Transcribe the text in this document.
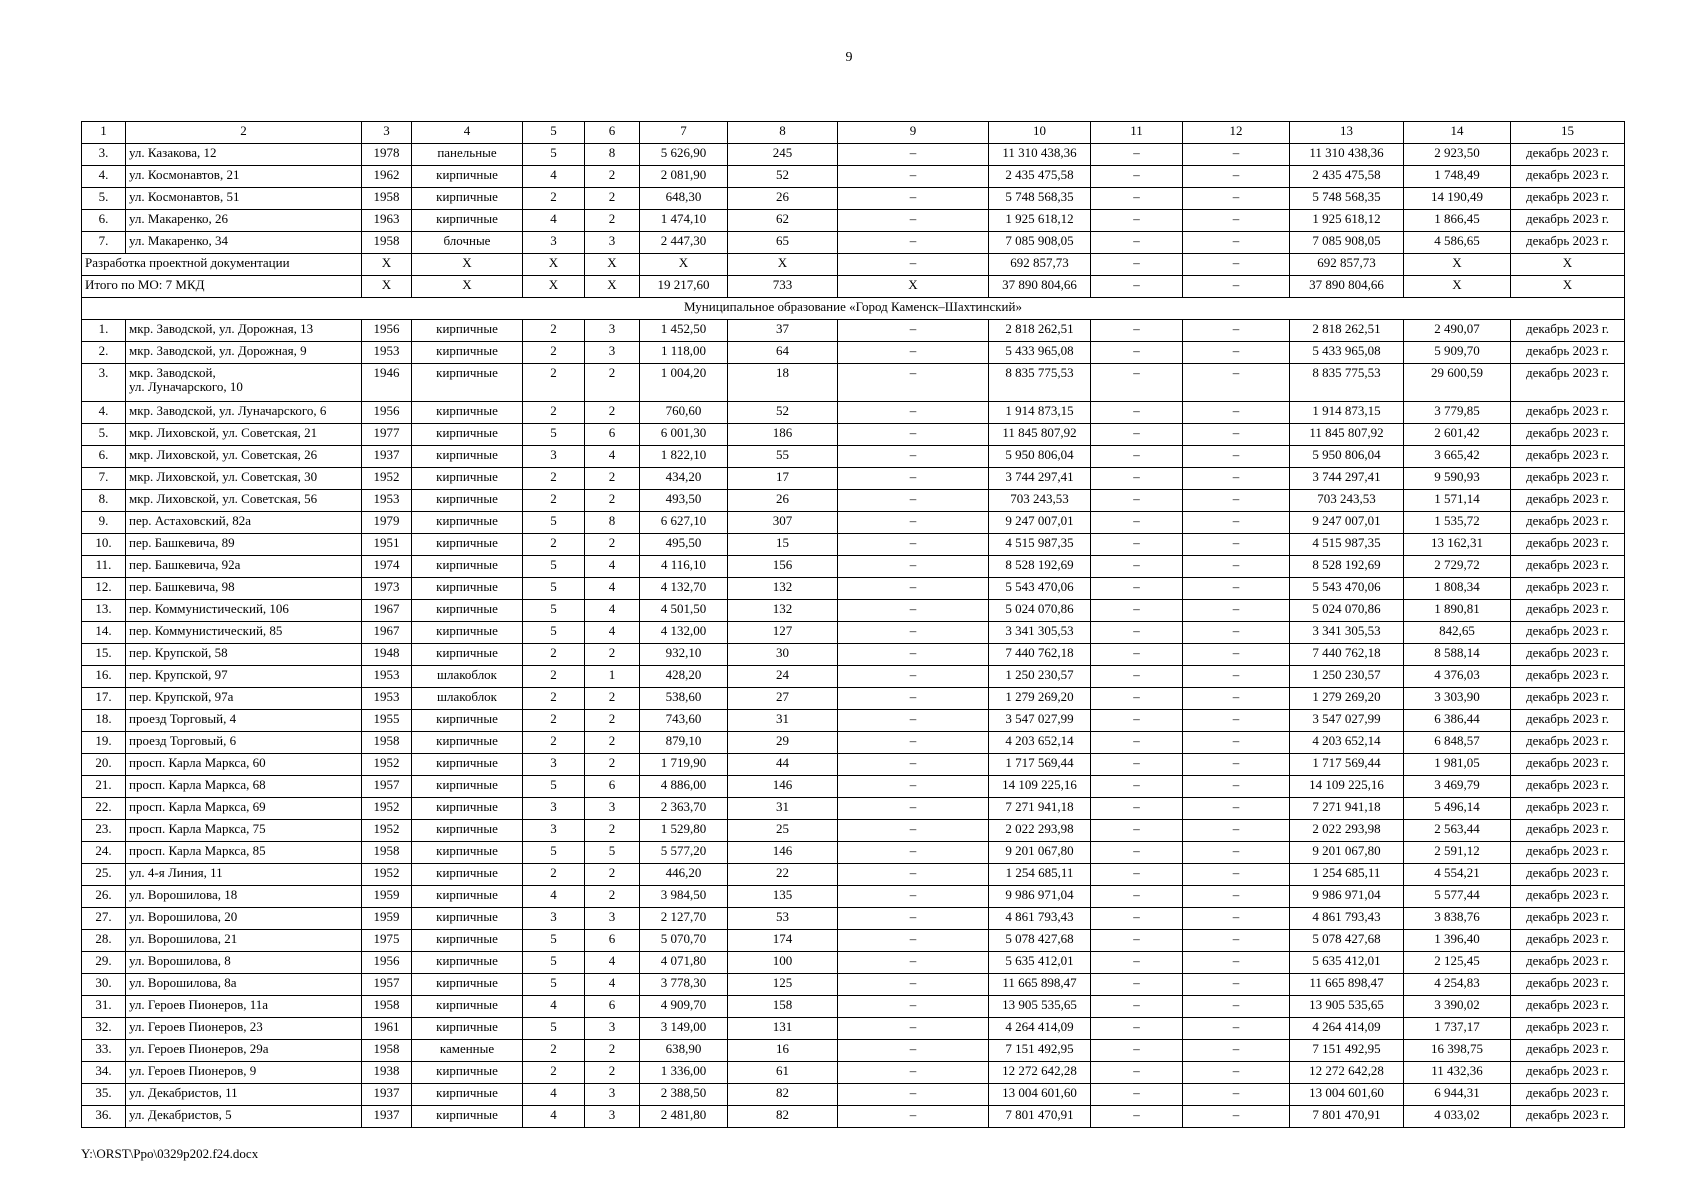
9
1	2	3	4	5	6	7	8	9	10	11	12	13	14	15
3.	ул. Казакова, 12	1978	панельные	5	8	5 626,90	245	–	11 310 438,36	–	–	11 310 438,36	2 923,50	декабрь 2023 г.
4.	ул. Космонавтов, 21	1962	кирпичные	4	2	2 081,90	52	–	2 435 475,58	–	–	2 435 475,58	1 748,49	декабрь 2023 г.
5.	ул. Космонавтов, 51	1958	кирпичные	2	2	648,30	26	–	5 748 568,35	–	–	5 748 568,35	14 190,49	декабрь 2023 г.
6.	ул. Макаренко, 26	1963	кирпичные	4	2	1 474,10	62	–	1 925 618,12	–	–	1 925 618,12	1 866,45	декабрь 2023 г.
7.	ул. Макаренко, 34	1958	блочные	3	3	2 447,30	65	–	7 085 908,05	–	–	7 085 908,05	4 586,65	декабрь 2023 г.
Разработка проектной документации		X	X	X	X	X	X	–	692 857,73	–	–	692 857,73	X	X
Итого по МО: 7 МКД		X	X	X	X	19 217,60	733	X	37 890 804,66	–	–	37 890 804,66	X	X
Муниципальное образование «Город Каменск–Шахтинский»														
1.	мкр. Заводской, ул. Дорожная, 13	1956	кирпичные	2	3	1 452,50	37	–	2 818 262,51	–	–	2 818 262,51	2 490,07	декабрь 2023 г.
2.	мкр. Заводской, ул. Дорожная, 9	1953	кирпичные	2	3	1 118,00	64	–	5 433 965,08	–	–	5 433 965,08	5 909,70	декабрь 2023 г.
3.	мкр. Заводской,
ул. Луначарского, 10	1946	кирпичные	2	2	1 004,20	18	–	8 835 775,53	–	–	8 835 775,53	29 600,59	декабрь 2023 г.
4.	мкр. Заводской, ул. Луначарского, 6	1956	кирпичные	2	2	760,60	52	–	1 914 873,15	–	–	1 914 873,15	3 779,85	декабрь 2023 г.
5.	мкр. Лиховской, ул. Советская, 21	1977	кирпичные	5	6	6 001,30	186	–	11 845 807,92	–	–	11 845 807,92	2 601,42	декабрь 2023 г.
6.	мкр. Лиховской, ул. Советская, 26	1937	кирпичные	3	4	1 822,10	55	–	5 950 806,04	–	–	5 950 806,04	3 665,42	декабрь 2023 г.
7.	мкр. Лиховской, ул. Советская, 30	1952	кирпичные	2	2	434,20	17	–	3 744 297,41	–	–	3 744 297,41	9 590,93	декабрь 2023 г.
8.	мкр. Лиховской, ул. Советская, 56	1953	кирпичные	2	2	493,50	26	–	703 243,53	–	–	703 243,53	1 571,14	декабрь 2023 г.
9.	пер. Астаховский, 82а	1979	кирпичные	5	8	6 627,10	307	–	9 247 007,01	–	–	9 247 007,01	1 535,72	декабрь 2023 г.
10.	пер. Башкевича, 89	1951	кирпичные	2	2	495,50	15	–	4 515 987,35	–	–	4 515 987,35	13 162,31	декабрь 2023 г.
11.	пер. Башкевича, 92а	1974	кирпичные	5	4	4 116,10	156	–	8 528 192,69	–	–	8 528 192,69	2 729,72	декабрь 2023 г.
12.	пер. Башкевича, 98	1973	кирпичные	5	4	4 132,70	132	–	5 543 470,06	–	–	5 543 470,06	1 808,34	декабрь 2023 г.
13.	пер. Коммунистический, 106	1967	кирпичные	5	4	4 501,50	132	–	5 024 070,86	–	–	5 024 070,86	1 890,81	декабрь 2023 г.
14.	пер. Коммунистический, 85	1967	кирпичные	5	4	4 132,00	127	–	3 341 305,53	–	–	3 341 305,53	842,65	декабрь 2023 г.
15.	пер. Крупской, 58	1948	кирпичные	2	2	932,10	30	–	7 440 762,18	–	–	7 440 762,18	8 588,14	декабрь 2023 г.
16.	пер. Крупской, 97	1953	шлакоблок	2	1	428,20	24	–	1 250 230,57	–	–	1 250 230,57	4 376,03	декабрь 2023 г.
17.	пер. Крупской, 97а	1953	шлакоблок	2	2	538,60	27	–	1 279 269,20	–	–	1 279 269,20	3 303,90	декабрь 2023 г.
18.	проезд Торговый, 4	1955	кирпичные	2	2	743,60	31	–	3 547 027,99	–	–	3 547 027,99	6 386,44	декабрь 2023 г.
19.	проезд Торговый, 6	1958	кирпичные	2	2	879,10	29	–	4 203 652,14	–	–	4 203 652,14	6 848,57	декабрь 2023 г.
20.	просп. Карла Маркса, 60	1952	кирпичные	3	2	1 719,90	44	–	1 717 569,44	–	–	1 717 569,44	1 981,05	декабрь 2023 г.
21.	просп. Карла Маркса, 68	1957	кирпичные	5	6	4 886,00	146	–	14 109 225,16	–	–	14 109 225,16	3 469,79	декабрь 2023 г.
22.	просп. Карла Маркса, 69	1952	кирпичные	3	3	2 363,70	31	–	7 271 941,18	–	–	7 271 941,18	5 496,14	декабрь 2023 г.
23.	просп. Карла Маркса, 75	1952	кирпичные	3	2	1 529,80	25	–	2 022 293,98	–	–	2 022 293,98	2 563,44	декабрь 2023 г.
24.	просп. Карла Маркса, 85	1958	кирпичные	5	5	5 577,20	146	–	9 201 067,80	–	–	9 201 067,80	2 591,12	декабрь 2023 г.
25.	ул. 4-я Линия, 11	1952	кирпичные	2	2	446,20	22	–	1 254 685,11	–	–	1 254 685,11	4 554,21	декабрь 2023 г.
26.	ул. Ворошилова, 18	1959	кирпичные	4	2	3 984,50	135	–	9 986 971,04	–	–	9 986 971,04	5 577,44	декабрь 2023 г.
27.	ул. Ворошилова, 20	1959	кирпичные	3	3	2 127,70	53	–	4 861 793,43	–	–	4 861 793,43	3 838,76	декабрь 2023 г.
28.	ул. Ворошилова, 21	1975	кирпичные	5	6	5 070,70	174	–	5 078 427,68	–	–	5 078 427,68	1 396,40	декабрь 2023 г.
29.	ул. Ворошилова, 8	1956	кирпичные	5	4	4 071,80	100	–	5 635 412,01	–	–	5 635 412,01	2 125,45	декабрь 2023 г.
30.	ул. Ворошилова, 8а	1957	кирпичные	5	4	3 778,30	125	–	11 665 898,47	–	–	11 665 898,47	4 254,83	декабрь 2023 г.
31.	ул. Героев Пионеров, 11а	1958	кирпичные	4	6	4 909,70	158	–	13 905 535,65	–	–	13 905 535,65	3 390,02	декабрь 2023 г.
32.	ул. Героев Пионеров, 23	1961	кирпичные	5	3	3 149,00	131	–	4 264 414,09	–	–	4 264 414,09	1 737,17	декабрь 2023 г.
33.	ул. Героев Пионеров, 29а	1958	каменные	2	2	638,90	16	–	7 151 492,95	–	–	7 151 492,95	16 398,75	декабрь 2023 г.
34.	ул. Героев Пионеров, 9	1938	кирпичные	2	2	1 336,00	61	–	12 272 642,28	–	–	12 272 642,28	11 432,36	декабрь 2023 г.
35.	ул. Декабристов, 11	1937	кирпичные	4	3	2 388,50	82	–	13 004 601,60	–	–	13 004 601,60	6 944,31	декабрь 2023 г.
36.	ул. Декабристов, 5	1937	кирпичные	4	3	2 481,80	82	–	7 801 470,91	–	–	7 801 470,91	4 033,02	декабрь 2023 г.
Y:\ORST\Ppo\0329p202.f24.docx
